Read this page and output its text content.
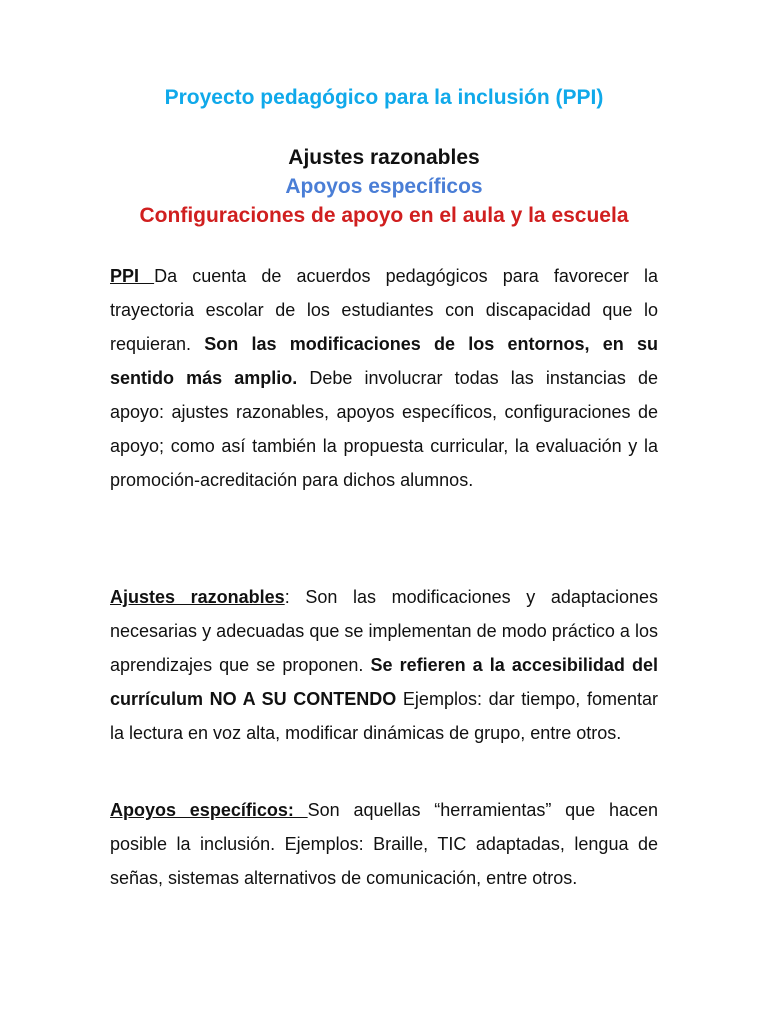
Proyecto pedagógico para la inclusión (PPI)
Ajustes razonables
Apoyos específicos
Configuraciones de apoyo en el aula y la escuela

PPI Da cuenta de acuerdos pedagógicos para favorecer la trayectoria escolar de los estudiantes con discapacidad que lo requieran. Son las modificaciones de los entornos, en su sentido más amplio. Debe involucrar todas las instancias de apoyo: ajustes razonables, apoyos específicos, configuraciones de apoyo; como así también la propuesta curricular, la evaluación y la promoción-acreditación para dichos alumnos.

Ajustes razonables: Son las modificaciones y adaptaciones necesarias y adecuadas que se implementan de modo práctico a los aprendizajes que se proponen. Se refieren a la accesibilidad del currículum NO A SU CONTENDO Ejemplos: dar tiempo, fomentar la lectura en voz alta, modificar dinámicas de grupo, entre otros.

Apoyos específicos: Son aquellas “herramientas” que hacen posible la inclusión. Ejemplos: Braille, TIC adaptadas, lengua de señas, sistemas alternativos de comunicación, entre otros.
